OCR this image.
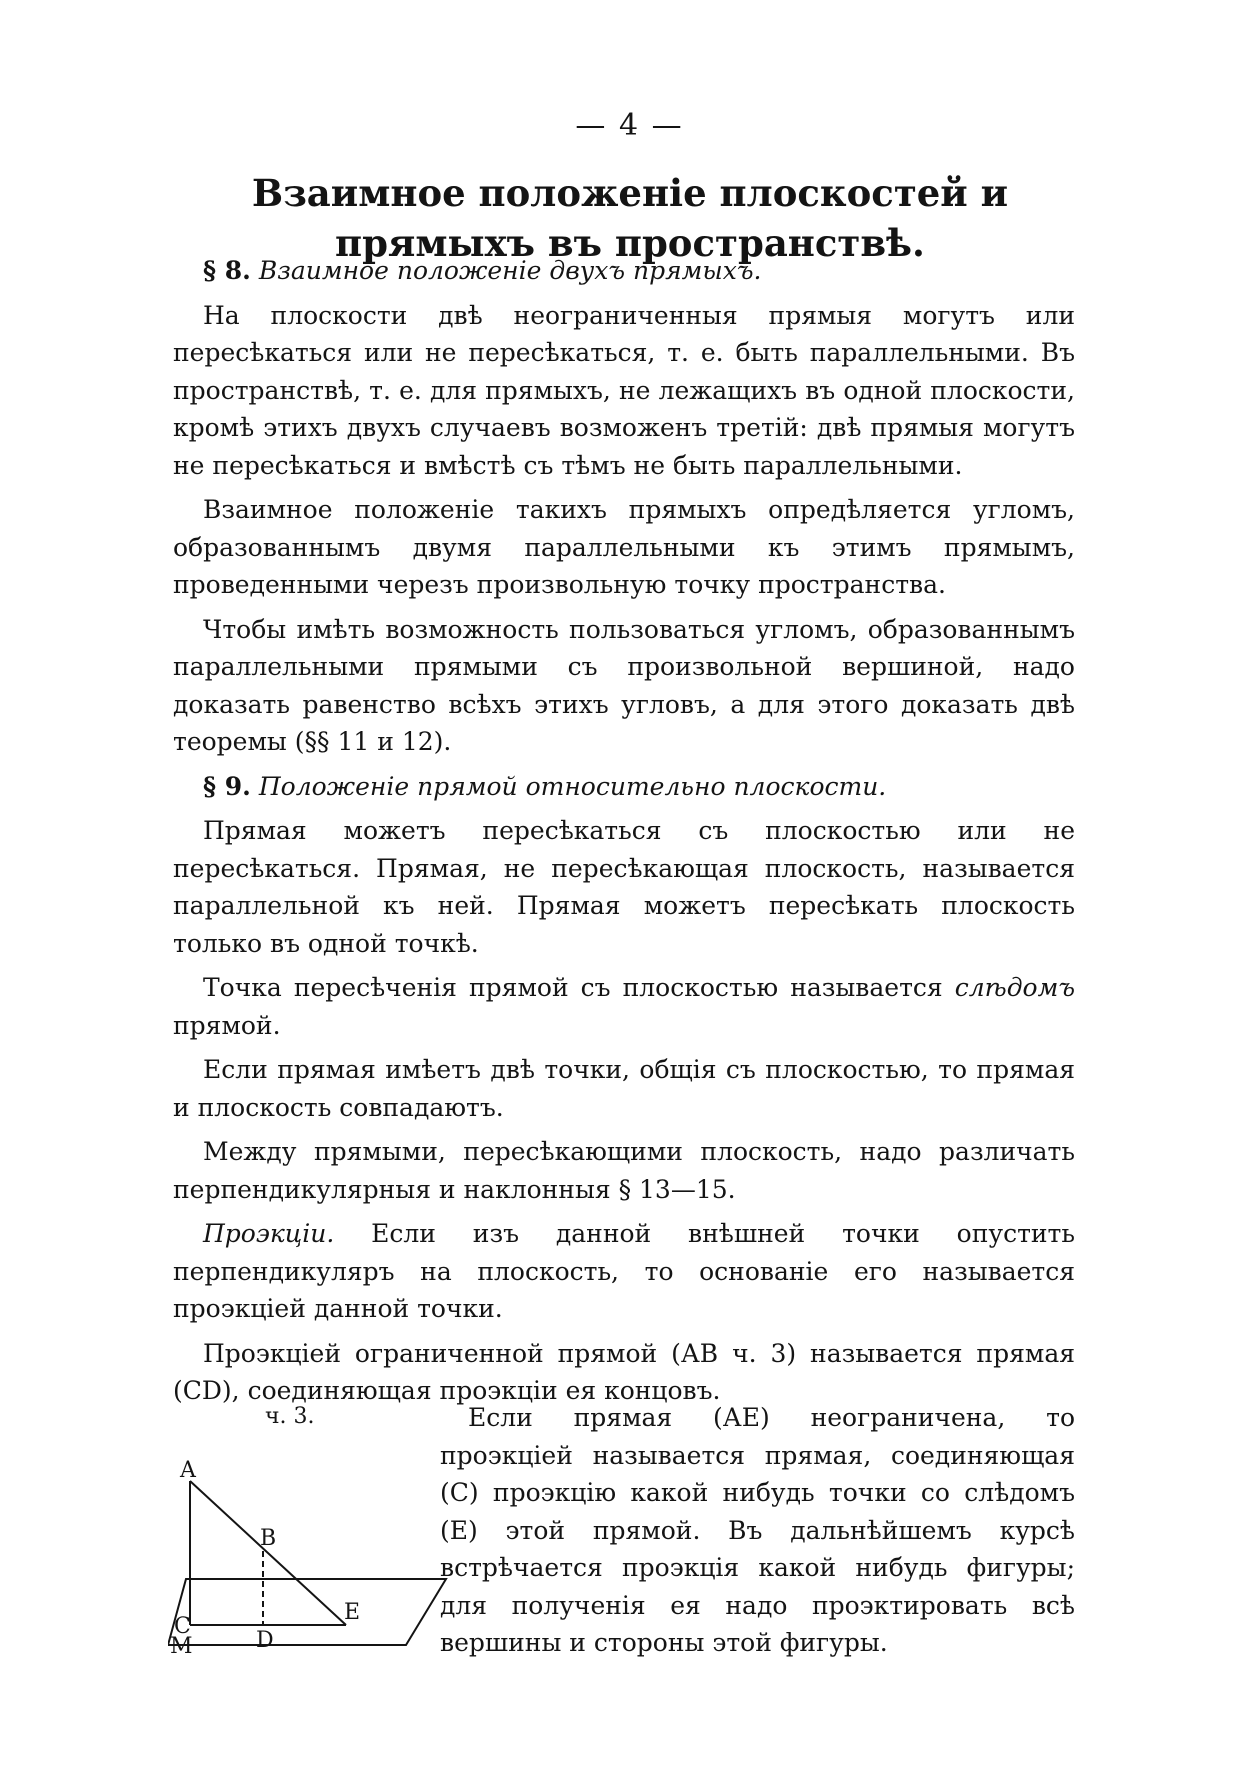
— 4 —
Взаимное положеніе плоскостей и прямыхъ въ пространствѣ.

§ 8. Взаимное положеніе двухъ прямыхъ.

На плоскости двѣ неограниченныя прямыя могутъ или пересѣкаться или не пересѣкаться, т. е. быть параллельными. Въ пространствѣ, т. е. для прямыхъ, не лежащихъ въ одной плоскости, кромѣ этихъ двухъ случаевъ возможенъ третій: двѣ прямыя могутъ не пересѣкаться и вмѣстѣ съ тѣмъ не быть параллельными.

Взаимное положеніе такихъ прямыхъ опредѣляется угломъ, образованнымъ двумя параллельными къ этимъ прямымъ, проведенными черезъ произвольную точку пространства.

Чтобы имѣть возможность пользоваться угломъ, образованнымъ параллельными прямыми съ произвольной вершиной, надо доказать равенство всѣхъ этихъ угловъ, а для этого доказать двѣ теоремы (§§ 11 и 12).

§ 9. Положеніе прямой относительно плоскости.

Прямая можетъ пересѣкаться съ плоскостью или не пересѣкаться. Прямая, не пересѣкающая плоскость, называется параллельной къ ней. Прямая можетъ пересѣкать плоскость только въ одной точкѣ.

Точка пересѣченія прямой съ плоскостью называется слѣдомъ прямой.

Если прямая имѣетъ двѣ точки, общія съ плоскостью, то прямая и плоскость совпадаютъ.

Между прямыми, пересѣкающими плоскость, надо различать перпендикулярныя и наклонныя § 13—15.

Проэкціи. Если изъ данной внѣшней точки опустить перпендикуляръ на плоскость, то основаніе его называется проэкціей данной точки.

Проэкціей ограниченной прямой (АВ ч. 3) называется прямая (CD), соединяющая проэкціи ея концовъ.

ч. 3.
A
B
C
D
E
M

Если прямая (АЕ) неограничена, то проэкціей называется прямая, соединяющая (С) проэкцію какой нибудь точки со слѣдомъ (Е) этой прямой. Въ дальнѣйшемъ курсѣ встрѣчается проэкція какой нибудь фигуры; для полученія ея надо проэктировать всѣ вершины и стороны этой фигуры.
